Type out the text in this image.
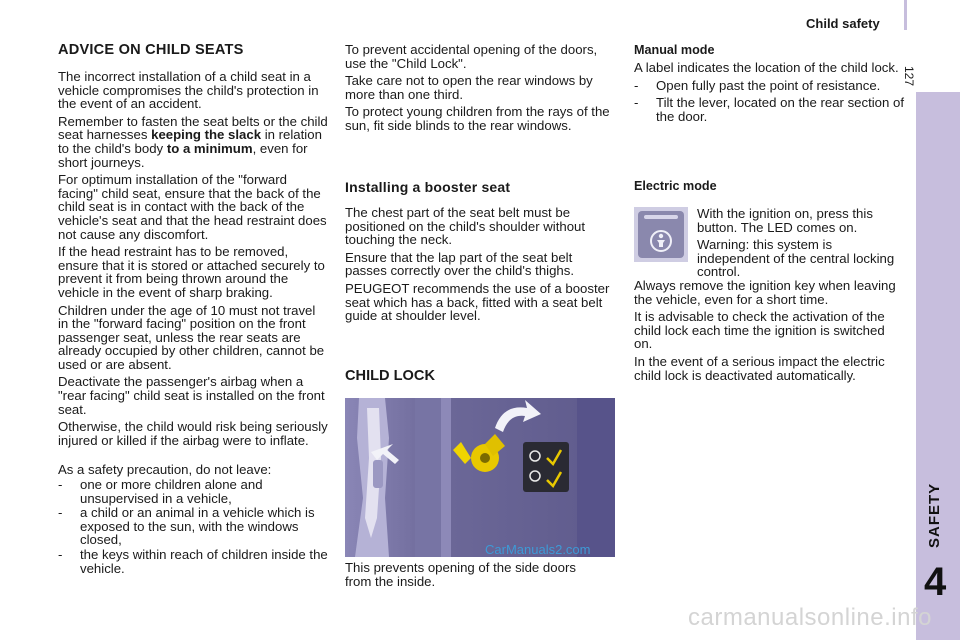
Child safety
127
SAFETY
4

ADVICE ON CHILD SEATS

The incorrect installation of a child seat in a vehicle compromises the child's protection in the event of an accident.

Remember to fasten the seat belts or the child seat harnesses keeping the slack in relation to the child's body to a minimum, even for short journeys.

For optimum installation of the "forward facing" child seat, ensure that the back of the child seat is in contact with the back of the vehicle's seat and that the head restraint does not cause any discomfort.

If the head restraint has to be removed, ensure that it is stored or attached securely to prevent it from being thrown around the vehicle in the event of sharp braking.

Children under the age of 10 must not travel in the "forward facing" position on the front passenger seat, unless the rear seats are already occupied by other children, cannot be used or are absent.

Deactivate the passenger's airbag when a "rear facing" child seat is installed on the front seat.

Otherwise, the child would risk being seriously injured or killed if the airbag were to inflate.

As a safety precaution, do not leave:

- one or more children alone and unsupervised in a vehicle,
- a child or an animal in a vehicle which is exposed to the sun, with the windows closed,
- the keys within reach of children inside the vehicle.

To prevent accidental opening of the doors, use the "Child Lock".

Take care not to open the rear windows by more than one third.

To protect young children from the rays of the sun, fit side blinds to the rear windows.

Installing a booster seat

The chest part of the seat belt must be positioned on the child's shoulder without touching the neck.

Ensure that the lap part of the seat belt passes correctly over the child's thighs.

PEUGEOT recommends the use of a booster seat which has a back, fitted with a seat belt guide at shoulder level.

CHILD LOCK
CarManuals2.com
This prevents opening of the side doors from the inside.

Manual mode

A label indicates the location of the child lock.

- Open fully past the point of resistance.
- Tilt the lever, located on the rear section of the door.
Electric mode

With the ignition on, press this button. The LED comes on.

Warning: this system is independent of the central locking control.

Always remove the ignition key when leaving the vehicle, even for a short time.

It is advisable to check the activation of the child lock each time the ignition is switched on.

In the event of a serious impact the electric child lock is deactivated automatically.

carmanualsonline.info
